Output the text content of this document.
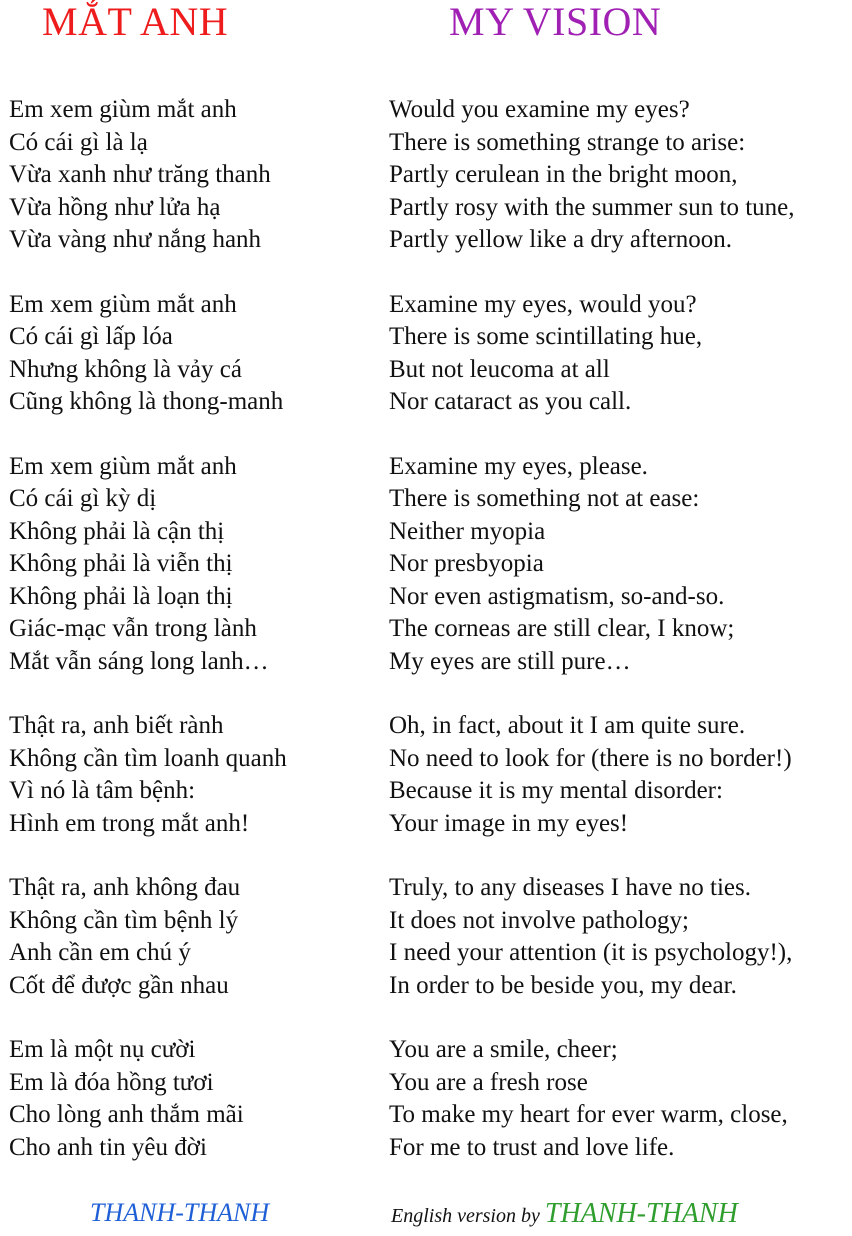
MẮT ANH	MY VISION
Em xem giùm mắt anh
Có cái gì là lạ
Vừa xanh như trăng thanh
Vừa hồng như lửa hạ
Vừa vàng như nắng hanh
Em xem giùm mắt anh
Có cái gì lấp lóa
Nhưng không là vảy cá
Cũng không là thong-manh
Em xem giùm mắt anh
Có cái gì kỳ dị
Không phải là cận thị
Không phải là viễn thị
Không phải là loạn thị
Giác-mạc vẫn trong lành
Mắt vẫn sáng long lanh…
Thật ra, anh biết rành
Không cần tìm loanh quanh
Vì nó là tâm bệnh:
Hình em trong mắt anh!
Thật ra, anh không đau
Không cần tìm bệnh lý
Anh cần em chú ý
Cốt để được gần nhau
Em là một nụ cười
Em là đóa hồng tươi
Cho lòng anh thắm mãi
Cho anh tin yêu đời
Would you examine my eyes?
There is something strange to arise:
Partly cerulean in the bright moon,
Partly rosy with the summer sun to tune,
Partly yellow like a dry afternoon.
Examine my eyes, would you?
There is some scintillating hue,
But not leucoma at all
Nor cataract as you call.
Examine my eyes, please.
There is something not at ease:
Neither myopia
Nor presbyopia
Nor even astigmatism, so-and-so.
The corneas are still clear, I know;
My eyes are still pure…
Oh, in fact, about it I am quite sure.
No need to look for (there is no border!)
Because it is my mental disorder:
Your image in my eyes!
Truly, to any diseases I have no ties.
It does not involve pathology;
I need your attention (it is psychology!),
In order to be beside you, my dear.
You are a smile, cheer;
You are a fresh rose
To make my heart for ever warm, close,
For me to trust and love life.
THANH-THANH	English version by THANH-THANH
